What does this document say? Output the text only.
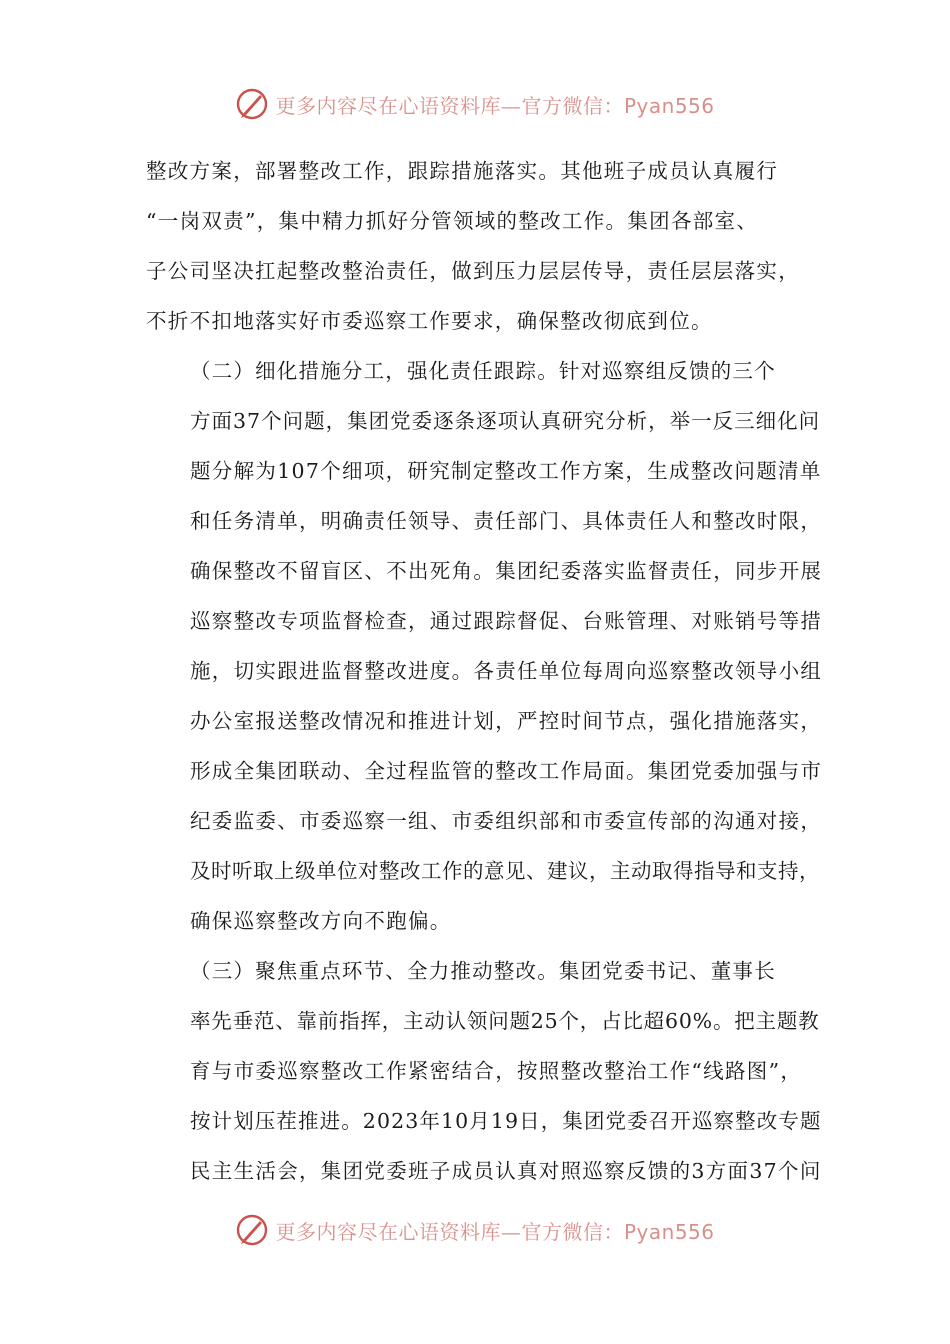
更多内容尽在心语资料库—官方微信：Pyan556
整改方案，部署整改工作，跟踪措施落实。其他班子成员认真履行
“一岗双责”，集中精力抓好分管领域的整改工作。集团各部室、
子公司坚决扛起整改整治责任，做到压力层层传导，责任层层落实，
不折不扣地落实好市委巡察工作要求，确保整改彻底到位。
（二）细化措施分工，强化责任跟踪。针对巡察组反馈的三个
方面37个问题，集团党委逐条逐项认真研究分析，举一反三细化问
题分解为107个细项，研究制定整改工作方案，生成整改问题清单
和任务清单，明确责任领导、责任部门、具体责任人和整改时限，
确保整改不留盲区、不出死角。集团纪委落实监督责任，同步开展
巡察整改专项监督检查，通过跟踪督促、台账管理、对账销号等措
施，切实跟进监督整改进度。各责任单位每周向巡察整改领导小组
办公室报送整改情况和推进计划，严控时间节点，强化措施落实，
形成全集团联动、全过程监管的整改工作局面。集团党委加强与市
纪委监委、市委巡察一组、市委组织部和市委宣传部的沟通对接，
及时听取上级单位对整改工作的意见、建议，主动取得指导和支持，
确保巡察整改方向不跑偏。
（三）聚焦重点环节、全力推动整改。集团党委书记、董事长
率先垂范、靠前指挥，主动认领问题25个，占比超60%。把主题教
育与市委巡察整改工作紧密结合，按照整改整治工作“线路图”，
按计划压茬推进。2023年10月19日，集团党委召开巡察整改专题
民主生活会，集团党委班子成员认真对照巡察反馈的3方面37个问
更多内容尽在心语资料库—官方微信：Pyan556
